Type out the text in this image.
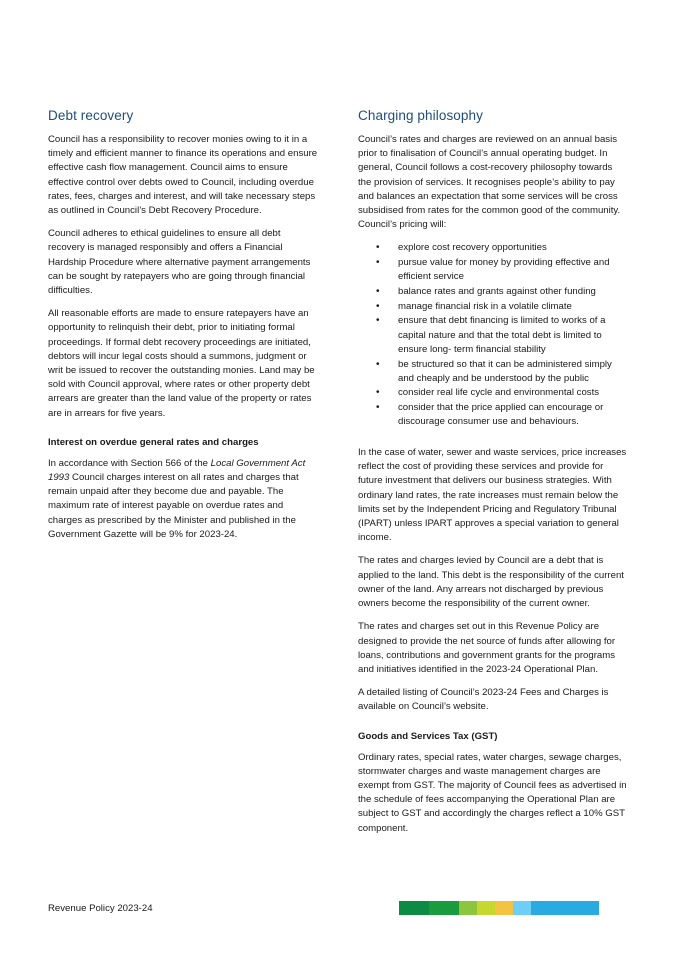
Debt recovery

Council has a responsibility to recover monies owing to it in a timely and efficient manner to finance its operations and ensure effective cash flow management. Council aims to ensure effective control over debts owed to Council, including overdue rates, fees, charges and interest, and will take necessary steps as outlined in Council’s Debt Recovery Procedure.

Council adheres to ethical guidelines to ensure all debt recovery is managed responsibly and offers a Financial Hardship Procedure where alternative payment arrangements can be sought by ratepayers who are going through financial difficulties.

All reasonable efforts are made to ensure ratepayers have an opportunity to relinquish their debt, prior to initiating formal proceedings. If formal debt recovery proceedings are initiated, debtors will incur legal costs should a summons, judgment or writ be issued to recover the outstanding monies. Land may be sold with Council approval, where rates or other property debt arrears are greater than the land value of the property or rates are in arrears for five years.

Interest on overdue general rates and charges

In accordance with Section 566 of the Local Government Act 1993 Council charges interest on all rates and charges that remain unpaid after they become due and payable. The maximum rate of interest payable on overdue rates and charges as prescribed by the Minister and published in the Government Gazette will be 9% for 2023-24.

Charging philosophy

Council’s rates and charges are reviewed on an annual basis prior to finalisation of Council’s annual operating budget. In general, Council follows a cost-recovery philosophy towards the provision of services. It recognises people’s ability to pay and balances an expectation that some services will be cross subsidised from rates for the common good of the community. Council’s pricing will:

• explore cost recovery opportunities
• pursue value for money by providing effective and efficient service
• balance rates and grants against other funding
• manage financial risk in a volatile climate
• ensure that debt financing is limited to works of a capital nature and that the total debt is limited to ensure long- term financial stability
• be structured so that it can be administered simply and cheaply and be understood by the public
• consider real life cycle and environmental costs
• consider that the price applied can encourage or discourage consumer use and behaviours.

In the case of water, sewer and waste services, price increases reflect the cost of providing these services and provide for future investment that delivers our business strategies. With ordinary land rates, the rate increases must remain below the limits set by the Independent Pricing and Regulatory Tribunal (IPART) unless IPART approves a special variation to general income.

The rates and charges levied by Council are a debt that is applied to the land. This debt is the responsibility of the current owner of the land. Any arrears not discharged by previous owners become the responsibility of the current owner.

The rates and charges set out in this Revenue Policy are designed to provide the net source of funds after allowing for loans, contributions and government grants for the programs and initiatives identified in the 2023-24 Operational Plan.

A detailed listing of Council’s 2023-24 Fees and Charges is available on Council’s website.

Goods and Services Tax (GST)

Ordinary rates, special rates, water charges, sewage charges, stormwater charges and waste management charges are exempt from GST. The majority of Council fees as advertised in the schedule of fees accompanying the Operational Plan are subject to GST and accordingly the charges reflect a 10% GST component.

Revenue Policy 2023-24
